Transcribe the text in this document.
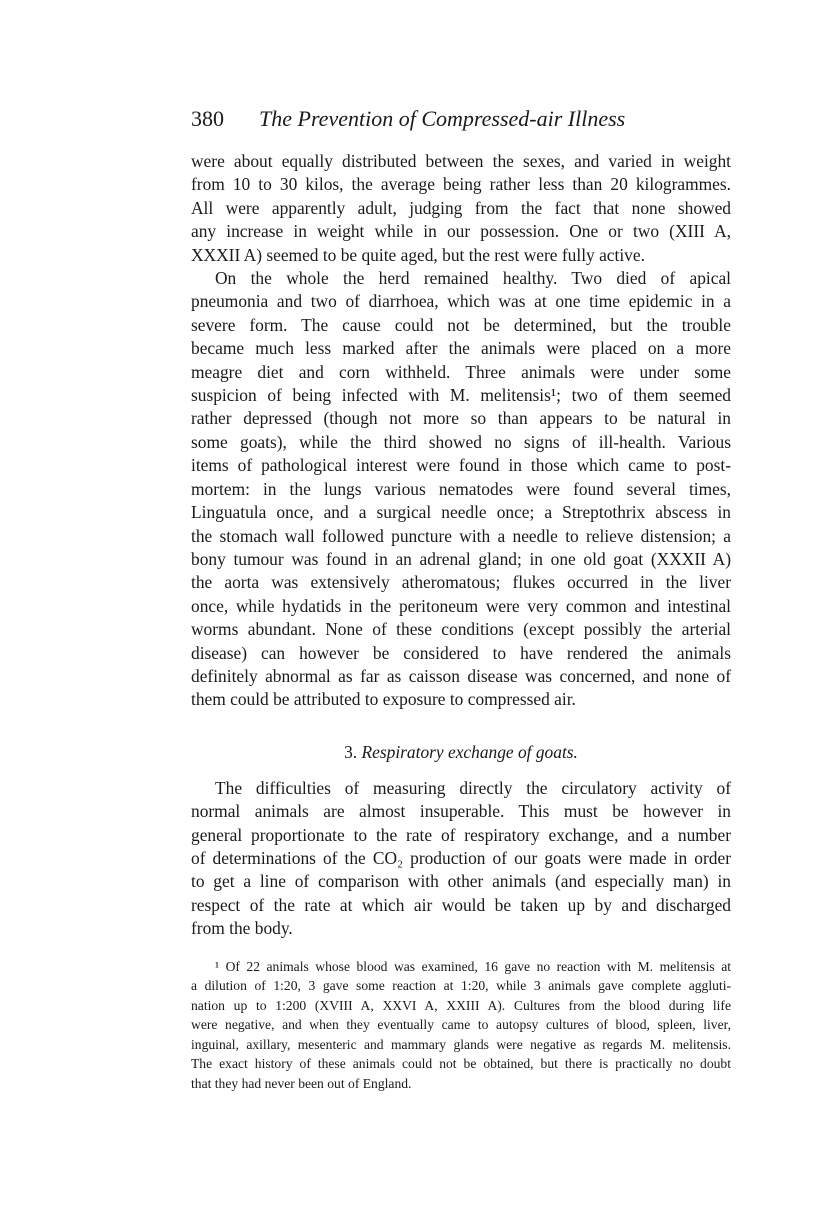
380 The Prevention of Compressed-air Illness

were about equally distributed between the sexes, and varied in weight
from 10 to 30 kilos, the average being rather less than 20 kilogrammes.
All were apparently adult, judging from the fact that none showed
any increase in weight while in our possession. One or two (XIII A,
XXXII A) seemed to be quite aged, but the rest were fully active.

On the whole the herd remained healthy. Two died of apical
pneumonia and two of diarrhoea, which was at one time epidemic in a
severe form. The cause could not be determined, but the trouble
became much less marked after the animals were placed on a more
meagre diet and corn withheld. Three animals were under some
suspicion of being infected with M. melitensis¹; two of them seemed
rather depressed (though not more so than appears to be natural in
some goats), while the third showed no signs of ill-health. Various
items of pathological interest were found in those which came to post-
mortem: in the lungs various nematodes were found several times,
Linguatula once, and a surgical needle once; a Streptothrix abscess in
the stomach wall followed puncture with a needle to relieve distension; a
bony tumour was found in an adrenal gland; in one old goat (XXXII A)
the aorta was extensively atheromatous; flukes occurred in the liver
once, while hydatids in the peritoneum were very common and intestinal
worms abundant. None of these conditions (except possibly the arterial
disease) can however be considered to have rendered the animals
definitely abnormal as far as caisson disease was concerned, and none of
them could be attributed to exposure to compressed air.

3. Respiratory exchange of goats.

The difficulties of measuring directly the circulatory activity of
normal animals are almost insuperable. This must be however in
general proportionate to the rate of respiratory exchange, and a number
of determinations of the CO₂ production of our goats were made in order
to get a line of comparison with other animals (and especially man) in
respect of the rate at which air would be taken up by and discharged
from the body.

¹ Of 22 animals whose blood was examined, 16 gave no reaction with M. melitensis at
a dilution of 1:20, 3 gave some reaction at 1:20, while 3 animals gave complete aggluti-
nation up to 1:200 (XVIII A, XXVI A, XXIII A). Cultures from the blood during life
were negative, and when they eventually came to autopsy cultures of blood, spleen, liver,
inguinal, axillary, mesenteric and mammary glands were negative as regards M. melitensis.
The exact history of these animals could not be obtained, but there is practically no doubt
that they had never been out of England.
